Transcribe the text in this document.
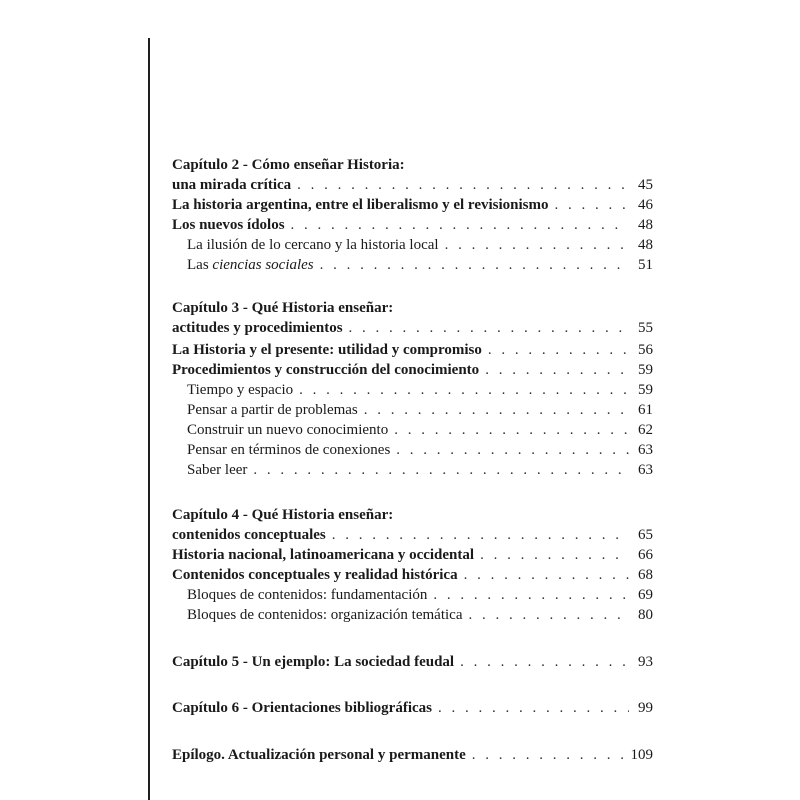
Capítulo 2 - Cómo enseñar Historia:
una mirada crítica . . .	45
La historia argentina, entre el liberalismo y el revisionismo . . .	46
Los nuevos ídolos . . .	48
La ilusión de lo cercano y la historia local . . .	48
Las ciencias sociales . . .	51
Capítulo 3 - Qué Historia enseñar:
actitudes y procedimientos . . .	55
La Historia y el presente: utilidad y compromiso . . .	56
Procedimientos y construcción del conocimiento . . .	59
Tiempo y espacio . . .	59
Pensar a partir de problemas . . .	61
Construir un nuevo conocimiento . . .	62
Pensar en términos de conexiones . . .	63
Saber leer . . .	63
Capítulo 4 - Qué Historia enseñar:
contenidos conceptuales . . .	65
Historia nacional, latinoamericana y occidental . . .	66
Contenidos conceptuales y realidad histórica . . .	68
Bloques de contenidos: fundamentación . . .	69
Bloques de contenidos: organización temática . . .	80
Capítulo 5 - Un ejemplo: La sociedad feudal . . .	93
Capítulo 6 - Orientaciones bibliográficas . . .	99
Epílogo. Actualización personal y permanente . . .	109
